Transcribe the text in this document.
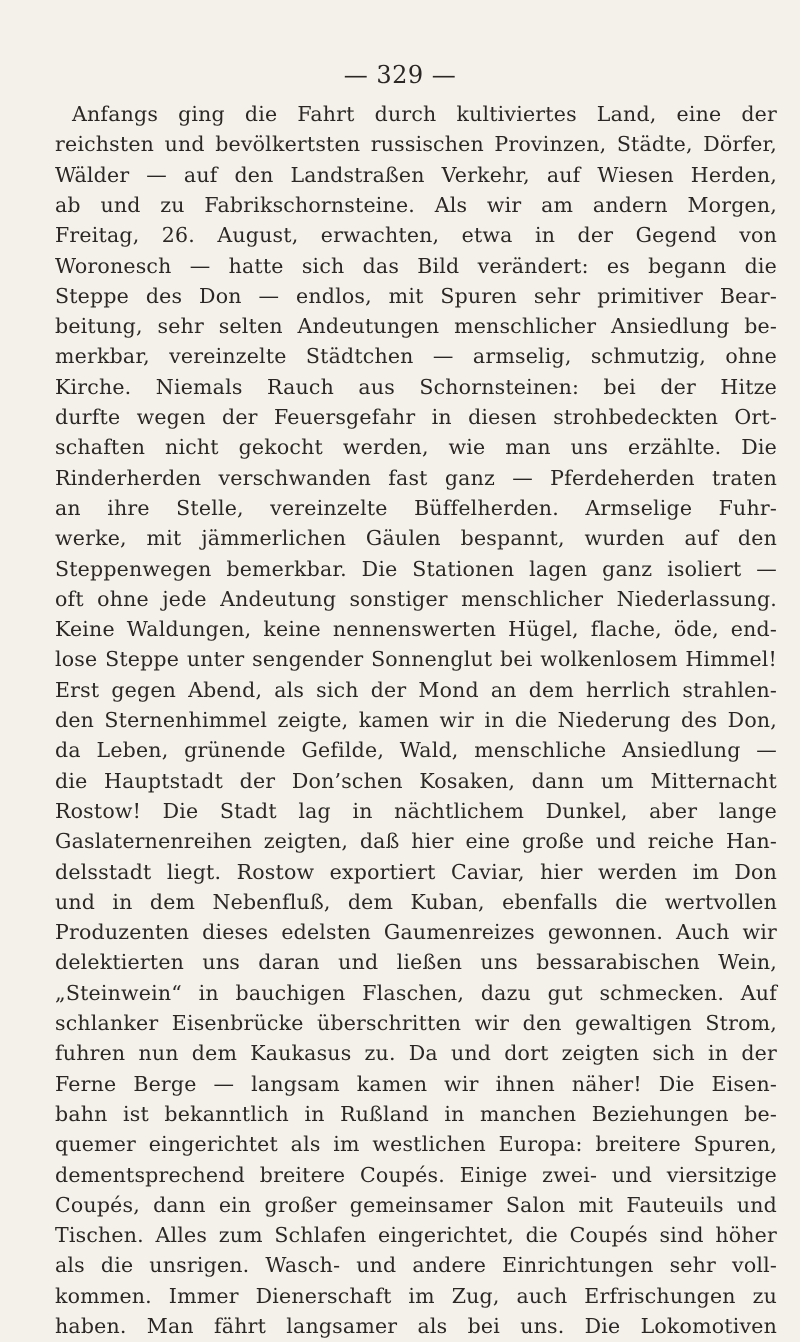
— 329 —
Anfangs ging die Fahrt durch kultiviertes Land, eine der
reichsten und bevölkertsten russischen Provinzen, Städte, Dörfer,
Wälder — auf den Landstraßen Verkehr, auf Wiesen Herden,
ab und zu Fabrikschornsteine. Als wir am andern Morgen,
Freitag, 26. August, erwachten, etwa in der Gegend von
Woronesch — hatte sich das Bild verändert: es begann die
Steppe des Don — endlos, mit Spuren sehr primitiver Bear-
beitung, sehr selten Andeutungen menschlicher Ansiedlung be-
merkbar, vereinzelte Städtchen — armselig, schmutzig, ohne
Kirche. Niemals Rauch aus Schornsteinen: bei der Hitze
durfte wegen der Feuersgefahr in diesen strohbedeckten Ort-
schaften nicht gekocht werden, wie man uns erzählte. Die
Rinderherden verschwanden fast ganz — Pferdeherden traten
an ihre Stelle, vereinzelte Büffelherden. Armselige Fuhr-
werke, mit jämmerlichen Gäulen bespannt, wurden auf den
Steppenwegen bemerkbar. Die Stationen lagen ganz isoliert —
oft ohne jede Andeutung sonstiger menschlicher Niederlassung.
Keine Waldungen, keine nennenswerten Hügel, flache, öde, end-
lose Steppe unter sengender Sonnenglut bei wolkenlosem Himmel!
Erst gegen Abend, als sich der Mond an dem herrlich strahlen-
den Sternenhimmel zeigte, kamen wir in die Niederung des Don,
da Leben, grünende Gefilde, Wald, menschliche Ansiedlung —
die Hauptstadt der Don’schen Kosaken, dann um Mitternacht
Rostow! Die Stadt lag in nächtlichem Dunkel, aber lange
Gaslaternenreihen zeigten, daß hier eine große und reiche Han-
delsstadt liegt. Rostow exportiert Caviar, hier werden im Don
und in dem Nebenfluß, dem Kuban, ebenfalls die wertvollen
Produzenten dieses edelsten Gaumenreizes gewonnen. Auch wir
delektierten uns daran und ließen uns bessarabischen Wein,
„Steinwein“ in bauchigen Flaschen, dazu gut schmecken. Auf
schlanker Eisenbrücke überschritten wir den gewaltigen Strom,
fuhren nun dem Kaukasus zu. Da und dort zeigten sich in der
Ferne Berge — langsam kamen wir ihnen näher! Die Eisen-
bahn ist bekanntlich in Rußland in manchen Beziehungen be-
quemer eingerichtet als im westlichen Europa: breitere Spuren,
dementsprechend breitere Coupés. Einige zwei- und viersitzige
Coupés, dann ein großer gemeinsamer Salon mit Fauteuils und
Tischen. Alles zum Schlafen eingerichtet, die Coupés sind höher
als die unsrigen. Wasch- und andere Einrichtungen sehr voll-
kommen. Immer Dienerschaft im Zug, auch Erfrischungen zu
haben. Man fährt langsamer als bei uns. Die Lokomotiven
